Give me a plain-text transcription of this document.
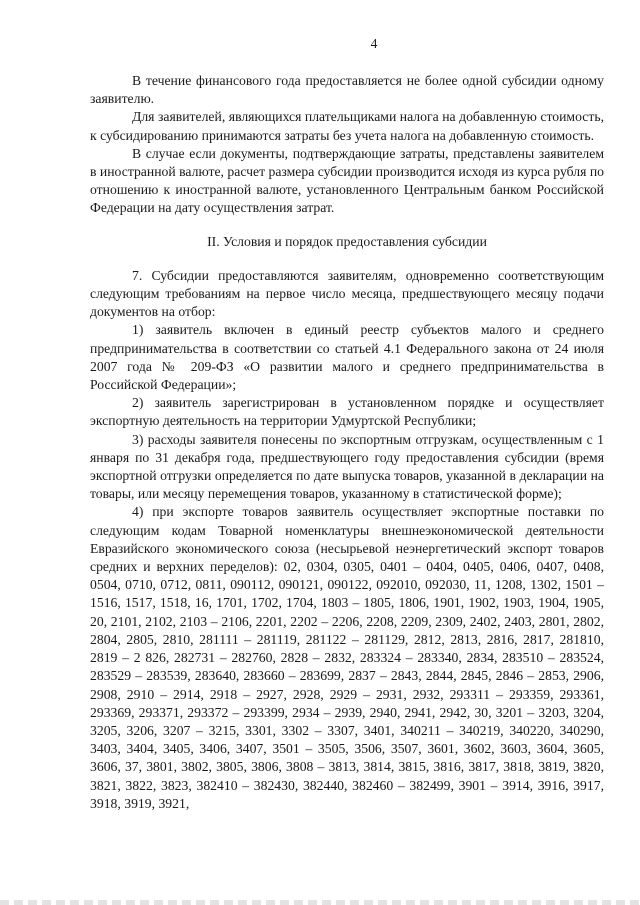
4

В течение финансового года предоставляется не более одной субсидии одному заявителю.

Для заявителей, являющихся плательщиками налога на добавленную стоимость, к субсидированию принимаются затраты без учета налога на добавленную стоимость.

В случае если документы, подтверждающие затраты, представлены заявителем в иностранной валюте, расчет размера субсидии производится исходя из курса рубля по отношению к иностранной валюте, установленного Центральным банком Российской Федерации на дату осуществления затрат.

II. Условия и порядок предоставления субсидии

7. Субсидии предоставляются заявителям, одновременно соответствующим следующим требованиям на первое число месяца, предшествующего месяцу подачи документов на отбор:

1) заявитель включен в единый реестр субъектов малого и среднего предпринимательства в соответствии со статьей 4.1 Федерального закона от 24 июля 2007 года № 209-ФЗ «О развитии малого и среднего предпринимательства в Российской Федерации»;

2) заявитель зарегистрирован в установленном порядке и осуществляет экспортную деятельность на территории Удмуртской Республики;

3) расходы заявителя понесены по экспортным отгрузкам, осуществленным с 1 января по 31 декабря года, предшествующего году предоставления субсидии (время экспортной отгрузки определяется по дате выпуска товаров, указанной в декларации на товары, или месяцу перемещения товаров, указанному в статистической форме);

4) при экспорте товаров заявитель осуществляет экспортные поставки по следующим кодам Товарной номенклатуры внешнеэкономической деятельности Евразийского экономического союза (несырьевой неэнергетический экспорт товаров средних и верхних переделов): 02, 0304, 0305, 0401 – 0404, 0405, 0406, 0407, 0408, 0504, 0710, 0712, 0811, 090112, 090121, 090122, 092010, 092030, 11, 1208, 1302, 1501 – 1516, 1517, 1518, 16, 1701, 1702, 1704, 1803 – 1805, 1806, 1901, 1902, 1903, 1904, 1905, 20, 2101, 2102, 2103 – 2106, 2201, 2202 – 2206, 2208, 2209, 2309, 2402, 2403, 2801, 2802, 2804, 2805, 2810, 281111 – 281119, 281122 – 281129, 2812, 2813, 2816, 2817, 281810, 2819 – 2 826, 282731 – 282760, 2828 – 2832, 283324 – 283340, 2834, 283510 – 283524, 283529 – 283539, 283640, 283660 – 283699, 2837 – 2843, 2844, 2845, 2846 – 2853, 2906, 2908, 2910 – 2914, 2918 – 2927, 2928, 2929 – 2931, 2932, 293311 – 293359, 293361, 293369, 293371, 293372 – 293399, 2934 – 2939, 2940, 2941, 2942, 30, 3201 – 3203, 3204, 3205, 3206, 3207 – 3215, 3301, 3302 – 3307, 3401, 340211 – 340219, 340220, 340290, 3403, 3404, 3405, 3406, 3407, 3501 – 3505, 3506, 3507, 3601, 3602, 3603, 3604, 3605, 3606, 37, 3801, 3802, 3805, 3806, 3808 – 3813, 3814, 3815, 3816, 3817, 3818, 3819, 3820, 3821, 3822, 3823, 382410 – 382430, 382440, 382460 – 382499, 3901 – 3914, 3916, 3917, 3918, 3919, 3921,
